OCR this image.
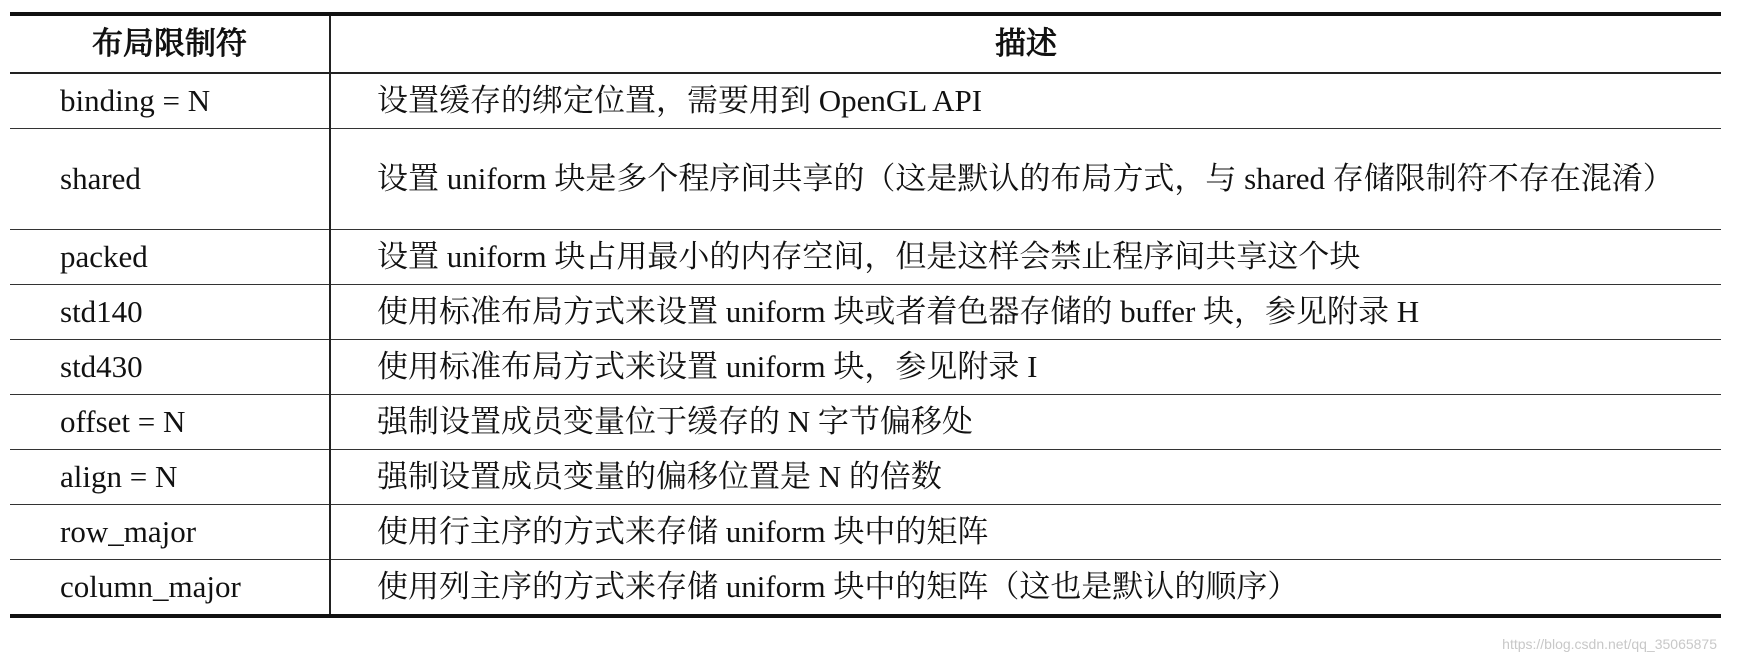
布局限制符	描述
binding = N	设置缓存的绑定位置，需要用到 OpenGL API
shared	设置 uniform 块是多个程序间共享的（这是默认的布局方式，与 shared 存储限制符不存在混淆）
packed	设置 uniform 块占用最小的内存空间，但是这样会禁止程序间共享这个块
std140	使用标准布局方式来设置 uniform 块或者着色器存储的 buffer 块，参见附录 H
std430	使用标准布局方式来设置 uniform 块，参见附录 I
offset = N	强制设置成员变量位于缓存的 N 字节偏移处
align = N	强制设置成员变量的偏移位置是 N 的倍数
row_major	使用行主序的方式来存储 uniform 块中的矩阵
column_major	使用列主序的方式来存储 uniform 块中的矩阵（这也是默认的顺序）
https://blog.csdn.net/qq_35065875
